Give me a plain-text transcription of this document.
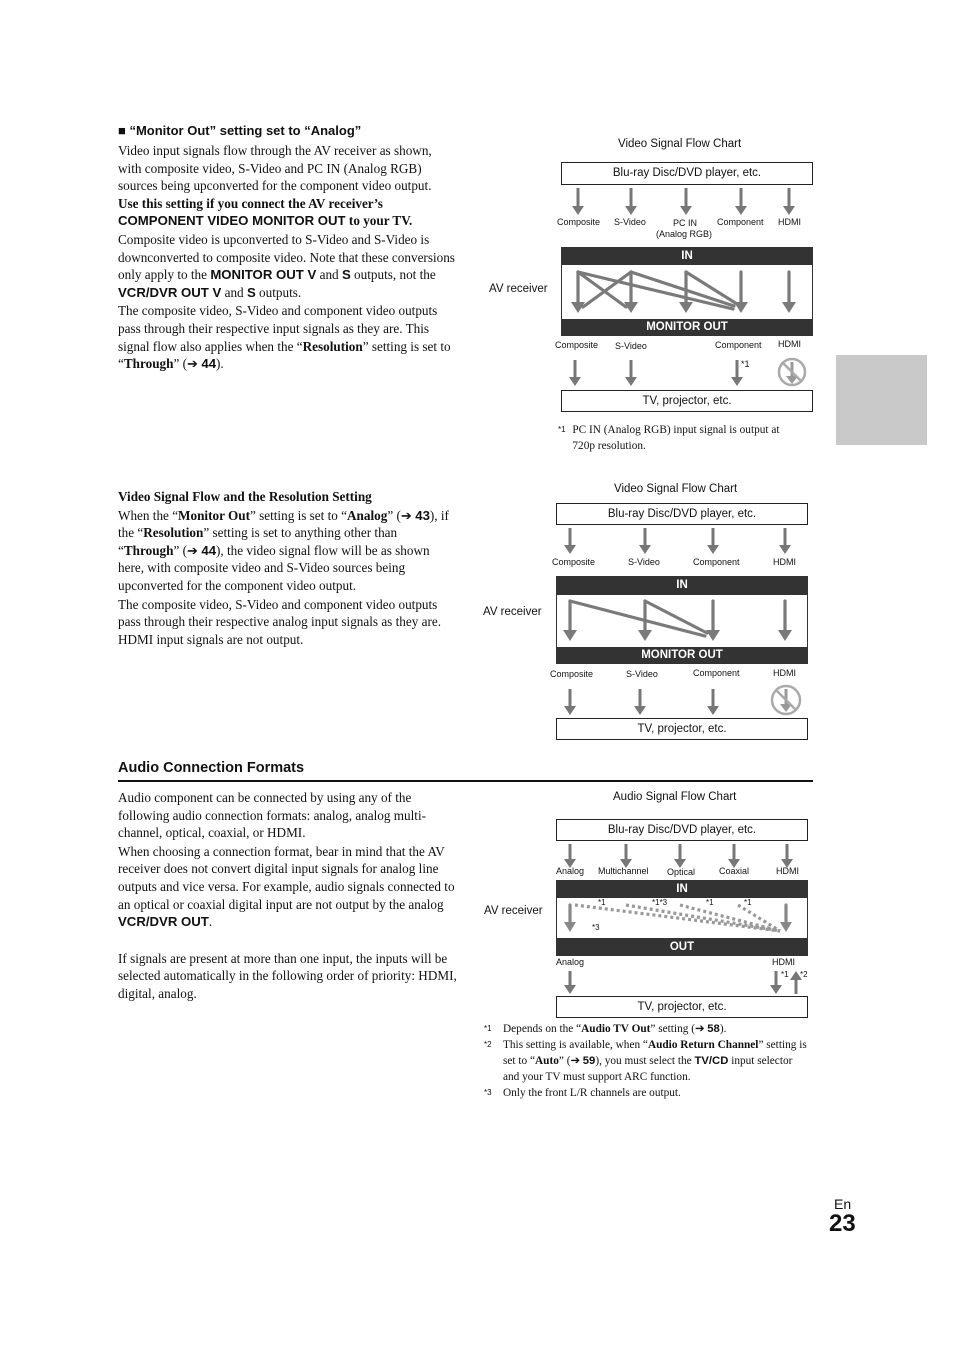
■ “Monitor Out” setting set to “Analog”

Video input signals flow through the AV receiver as shown, with composite video, S-Video and PC IN (Analog RGB) sources being upconverted for the component video output. Use this setting if you connect the AV receiver’s COMPONENT VIDEO MONITOR OUT to your TV.

Composite video is upconverted to S-Video and S-Video is downconverted to composite video. Note that these conversions only apply to the MONITOR OUT V and S outputs, not the VCR/DVR OUT V and S outputs.

The composite video, S-Video and component video outputs pass through their respective input signals as they are. This signal flow also applies when the “Resolution” setting is set to “Through” (➔ 44).

Video Signal Flow Chart
Blu-ray Disc/DVD player, etc.
Composite S-Video	PC IN
(Analog RGB)
Component HDMI
AV receiver
IN
MONITOR OUT
Composite S-Video	Component HDMI
*1
TV, projector, etc.
$^{*1}$ PC IN (Analog RGB) input signal is output at 720p resolution.

Video Signal Flow and the Resolution Setting

When the “Monitor Out” setting is set to “Analog” (➔ 43), if the “Resolution” setting is set to anything other than “Through” (➔ 44), the video signal flow will be as shown here, with composite video and S-Video sources being upconverted for the component video output.

The composite video, S-Video and component video outputs pass through their respective analog input signals as they are. HDMI input signals are not output.

Video Signal Flow Chart
Blu-ray Disc/DVD player, etc.
Composite	S-Video	Component	HDMI
AV receiver
IN
MONITOR OUT
Composite	S-Video	Component	HDMI
TV, projector, etc.
Audio Connection Formats

Audio component can be connected by using any of the following audio connection formats: analog, analog multi-channel, optical, coaxial, or HDMI.

When choosing a connection format, bear in mind that the AV receiver does not convert digital input signals for analog line outputs and vice versa. For example, audio signals connected to an optical or coaxial digital input are not output by the analog VCR/DVR OUT.

If signals are present at more than one input, the inputs will be selected automatically in the following order of priority: HDMI, digital, analog.

Audio Signal Flow Chart
Blu-ray Disc/DVD player, etc.
Analog Multichannel Optical	Coaxial	HDMI
AV receiver
IN
OUT
*1	*1*3	*1	*1
*3
Analog	HDMI
*1 *2
TV, projector, etc.
*1	Depends on the “Audio TV Out” setting (➔ 58).
*2	This setting is available, when “Audio Return Channel” setting is set to “Auto” (➔ 59), you must select the TV/CD input selector and your TV must support ARC function.
*3	Only the front L/R channels are output.
En
23
